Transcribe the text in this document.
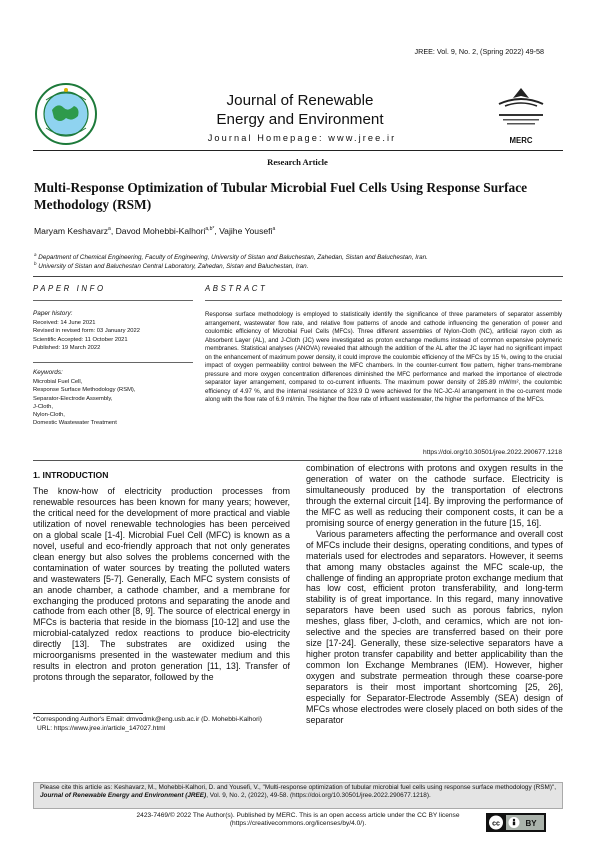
JREE: Vol. 9, No. 2, (Spring 2022) 49-58
Journal of Renewable
Energy and Environment
Journal Homepage: www.jree.ir	MERC
Research Article
Multi-Response Optimization of Tubular Microbial Fuel Cells Using Response Surface Methodology (RSM)
Maryam Keshavarz$^a$, Davod Mohebbi-Kalhori$^{a,b*}$, Vajihe Yousefi$^a$
$^a$ Department of Chemical Engineering, Faculty of Engineering, University of Sistan and Baluchestan, Zahedan, Sistan and Baluchestan, Iran.
$^b$ University of Sistan and Baluchestan Central Laboratory, Zahedan, Sistan and Baluchestan, Iran.
PAPER INFO
Paper history:
Received: 14 June 2021
Revised in revised form: 03 January 2022
Scientific Accepted: 11 October 2021
Published: 19 March 2022
Keywords:
Microbial Fuel Cell,
Response Surface Methodology (RSM),
Separator-Electrode Assembly,
J-Cloth,
Nylon-Cloth,
Domestic Wastewater Treatment
ABSTRACT
Response surface methodology is employed to statistically identify the significance of three parameters of separator assembly arrangement, wastewater flow rate, and relative flow patterns of anode and cathode influencing the generation of power and coulombic efficiency of Microbial Fuel Cells (MFCs). Three different assemblies of Nylon-Cloth (NC), artificial rayon cloth as Absorbent Layer (AL), and J-Cloth (JC) were investigated as proton exchange mediums instead of common expensive polymeric membranes. Statistical analyses (ANOVA) revealed that although the addition of the AL after the JC layer had no significant impact on the enhancement of maximum power density, it could improve the coulombic efficiency of the MFCs by 15 %, owing to the crucial impact of oxygen permeability control between the MFC chambers. In the counter-current flow pattern, higher trans-membrane pressure and more oxygen concentration differences diminished the MFC performance and marked the importance of electrode separator layer arrangement, compared to co-current influents. The maximum power density of 285.89 mW/m², the coulombic efficiency of 4.97 %, and the internal resistance of 323.9 Ω were achieved for the NC-JC-Al arrangement in the co-current mode along with the flow rate of 6.9 ml/min. The higher the flow rate of influent wastewater, the higher the performance of the MFCs.
https://doi.org/10.30501/jree.2022.290677.1218
1. INTRODUCTION

The know-how of electricity production processes from renewable resources has been known for many years; however, the critical need for the development of more practical and viable utilization of novel renewable technologies has been perceived on a global scale [1-4]. Microbial Fuel Cell (MFC) is known as a novel, useful and eco-friendly approach that not only generates clean energy but also solves the problems concerned with the contamination of water sources by treating the polluted waters and wastewaters [5-7]. Generally, Each MFC system consists of an anode chamber, a cathode chamber, and a membrane for exchanging the produced protons and separating the anode and cathode from each other [8, 9]. The source of electrical energy in MFCs is bacteria that reside in the biomass [10-12] and use the microbial-catalyzed redox reactions to produce bio-electricity directly [13]. The substrates are oxidized using the microorganisms presented in the wastewater medium and this results in electron and proton generation [11, 13]. Transfer of protons through the separator, followed by the

combination of electrons with protons and oxygen results in the generation of water on the cathode surface. Electricity is simultaneously produced by the transportation of electrons through the external circuit [14]. By improving the performance of the MFC as well as reducing their component costs, it can be a promising source of energy generation in the future [15, 16].

Various parameters affecting the performance and overall cost of MFCs include their designs, operating conditions, and types of materials used for electrodes and separators. However, it seems that among many obstacles against the MFC scale-up, the challenge of finding an appropriate proton exchange medium that has low cost, efficient proton transferability, and long-term stability is of great importance. In this regard, many innovative separators have been used such as porous fabrics, nylon meshes, glass fiber, J-cloth, and ceramics, which are not ion-selective and the species are transferred based on their pore size [17-24]. Generally, these size-selective separators have a higher proton transfer capability and better applicability than the common Ion Exchange Membranes (IEM). However, higher oxygen and substrate permeation through these coarse-pore separators is their most important shortcoming [25, 26], especially for Separator-Electrode Assembly (SEA) design of MFCs whose electrodes were closely placed on both sides of the separator

*Corresponding Author's Email: dmvodmk@eng.usb.ac.ir (D. Mohebbi-Kalhori)
URL: https://www.jree.ir/article_147027.html
Please cite this article as: Keshavarz, M., Mohebbi-Kalhori, D. and Yousefi, V., "Multi-response optimization of tubular microbial fuel cells using response surface methodology (RSM)", Journal of Renewable Energy and Environment (JREE), Vol. 9, No. 2, (2022), 49-58. (https://doi.org/10.30501/jree.2022.290677.1218).
2423-7469/© 2022 The Author(s). Published by MERC. This is an open access article under the CC BY license
(https://creativecommons.org/licenses/by/4.0/).	cc	BY
